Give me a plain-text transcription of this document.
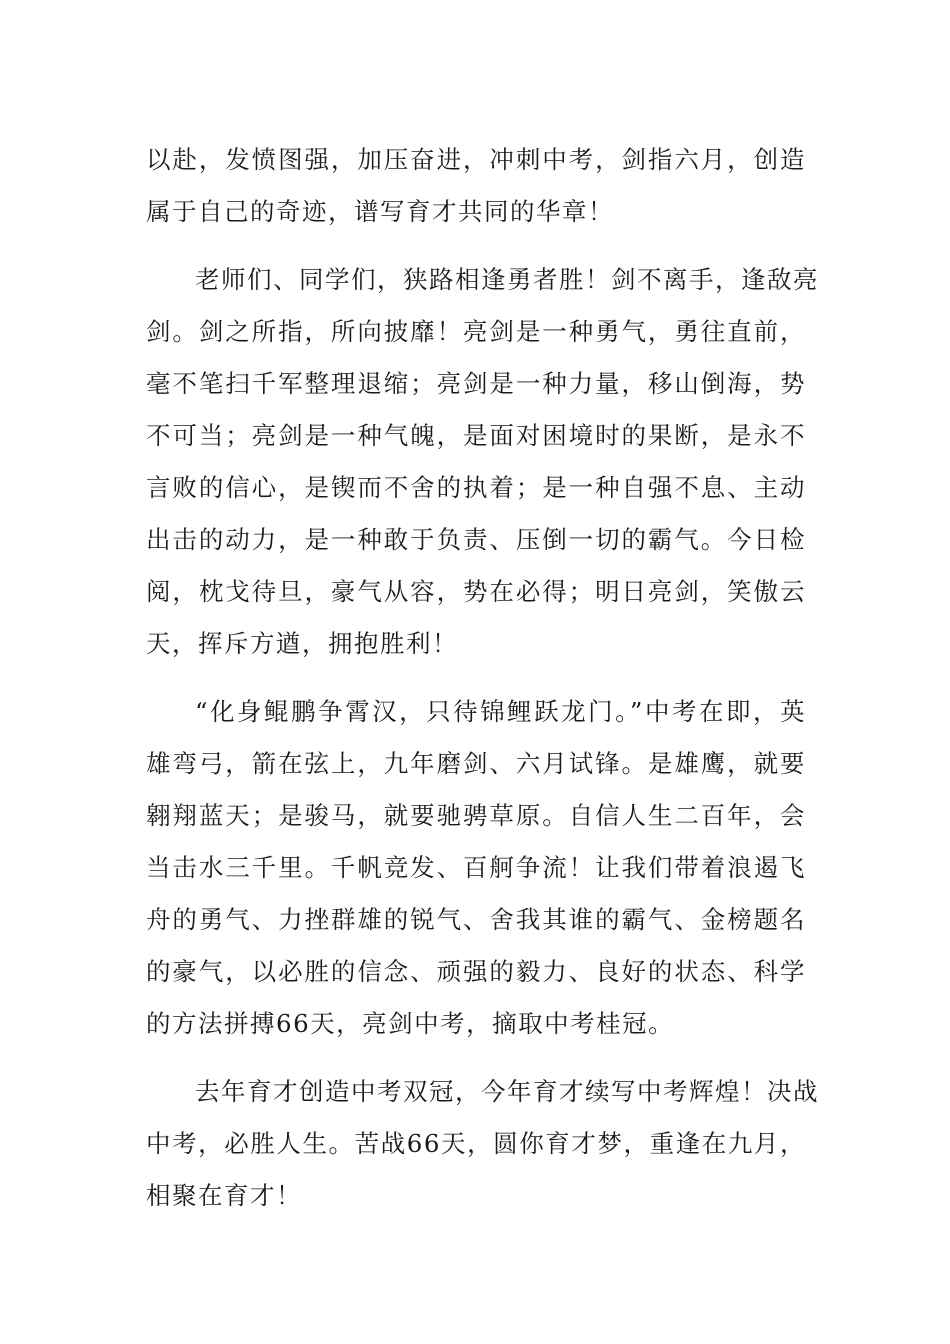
以赴，发愤图强，加压奋进，冲刺中考，剑指六月，创造
属于自己的奇迹，谱写育才共同的华章！

老师们、同学们，狭路相逢勇者胜！剑不离手，逢敌亮
剑。剑之所指，所向披靡！亮剑是一种勇气，勇往直前，
毫不笔扫千军整理退缩；亮剑是一种力量，移山倒海，势
不可当；亮剑是一种气魄，是面对困境时的果断，是永不
言败的信心，是锲而不舍的执着；是一种自强不息、主动
出击的动力，是一种敢于负责、压倒一切的霸气。今日检
阅，枕戈待旦，豪气从容，势在必得；明日亮剑，笑傲云
天，挥斥方遒，拥抱胜利！

“化身鲲鹏争霄汉，只待锦鲤跃龙门。”中考在即，英
雄弯弓，箭在弦上，九年磨剑、六月试锋。是雄鹰，就要
翱翔蓝天；是骏马，就要驰骋草原。自信人生二百年，会
当击水三千里。千帆竞发、百舸争流！让我们带着浪遏飞
舟的勇气、力挫群雄的锐气、舍我其谁的霸气、金榜题名
的豪气，以必胜的信念、顽强的毅力、良好的状态、科学
的方法拼搏66天，亮剑中考，摘取中考桂冠。

去年育才创造中考双冠，今年育才续写中考辉煌！决战
中考，必胜人生。苦战66天，圆你育才梦，重逢在九月，
相聚在育才！
